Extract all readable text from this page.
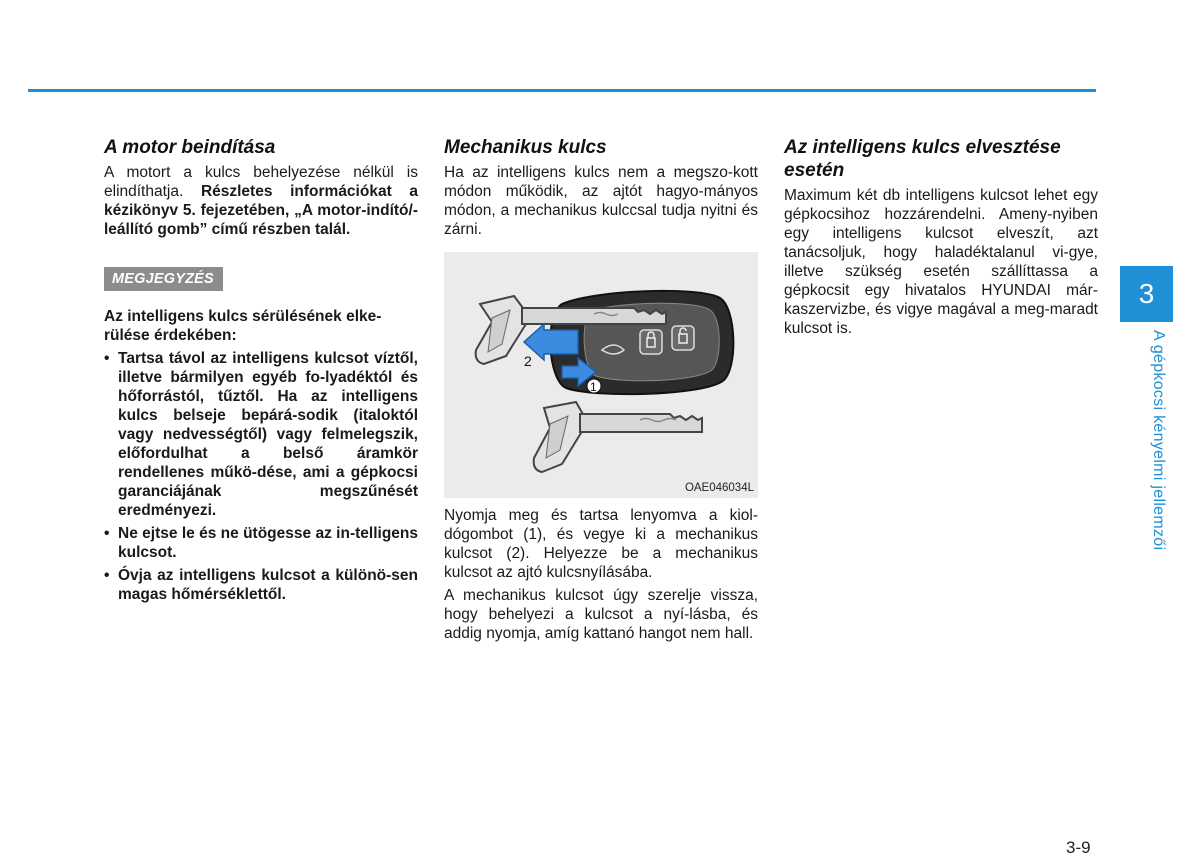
A motor beindítása

A motort a kulcs behelyezése nélkül is elindíthatja. Részletes információkat a kézikönyv 5. fejezetében, „A motor-indító/-leállító gomb” című részben talál.

MEGJEGYZÉS
Az intelligens kulcs sérülésének elke-rülése érdekében:
• Tartsa távol az intelligens kulcsot víztől, illetve bármilyen egyéb fo-lyadéktól és hőforrástól, tűztől. Ha az intelligens kulcs belseje bepárá-sodik (italoktól vagy nedvességtől) vagy felmelegszik, előfordulhat a belső áramkör rendellenes műkö-dése, ami a gépkocsi garanciájának megszűnését eredményezi.
• Ne ejtse le és ne ütögesse az in-telligens kulcsot.
• Óvja az intelligens kulcsot a különö-sen magas hőmérséklettől.
Mechanikus kulcs

Ha az intelligens kulcs nem a megszo-kott módon működik, az ajtót hagyo-mányos módon, a mechanikus kulccsal tudja nyitni és zárni.

2
1
OAE046034L

Nyomja meg és tartsa lenyomva a kiol-dógombot (1), és vegye ki a mechanikus kulcsot (2). Helyezze be a mechanikus kulcsot az ajtó kulcsnyílásába.

A mechanikus kulcsot úgy szerelje vissza, hogy behelyezi a kulcsot a nyí-lásba, és addig nyomja, amíg kattanó hangot nem hall.

Az intelligens kulcs elvesztése esetén

Maximum két db intelligens kulcsot lehet egy gépkocsihoz hozzárendelni. Ameny-nyiben egy intelligens kulcsot elveszít, azt tanácsoljuk, hogy haladéktalanul vi-gye, illetve szükség esetén szállíttassa a gépkocsit egy hivatalos HYUNDAI már-kaszervizbe, és vigye magával a meg-maradt kulcsot is.

3
A gépkocsi kényelmi jellemzői
3-9
